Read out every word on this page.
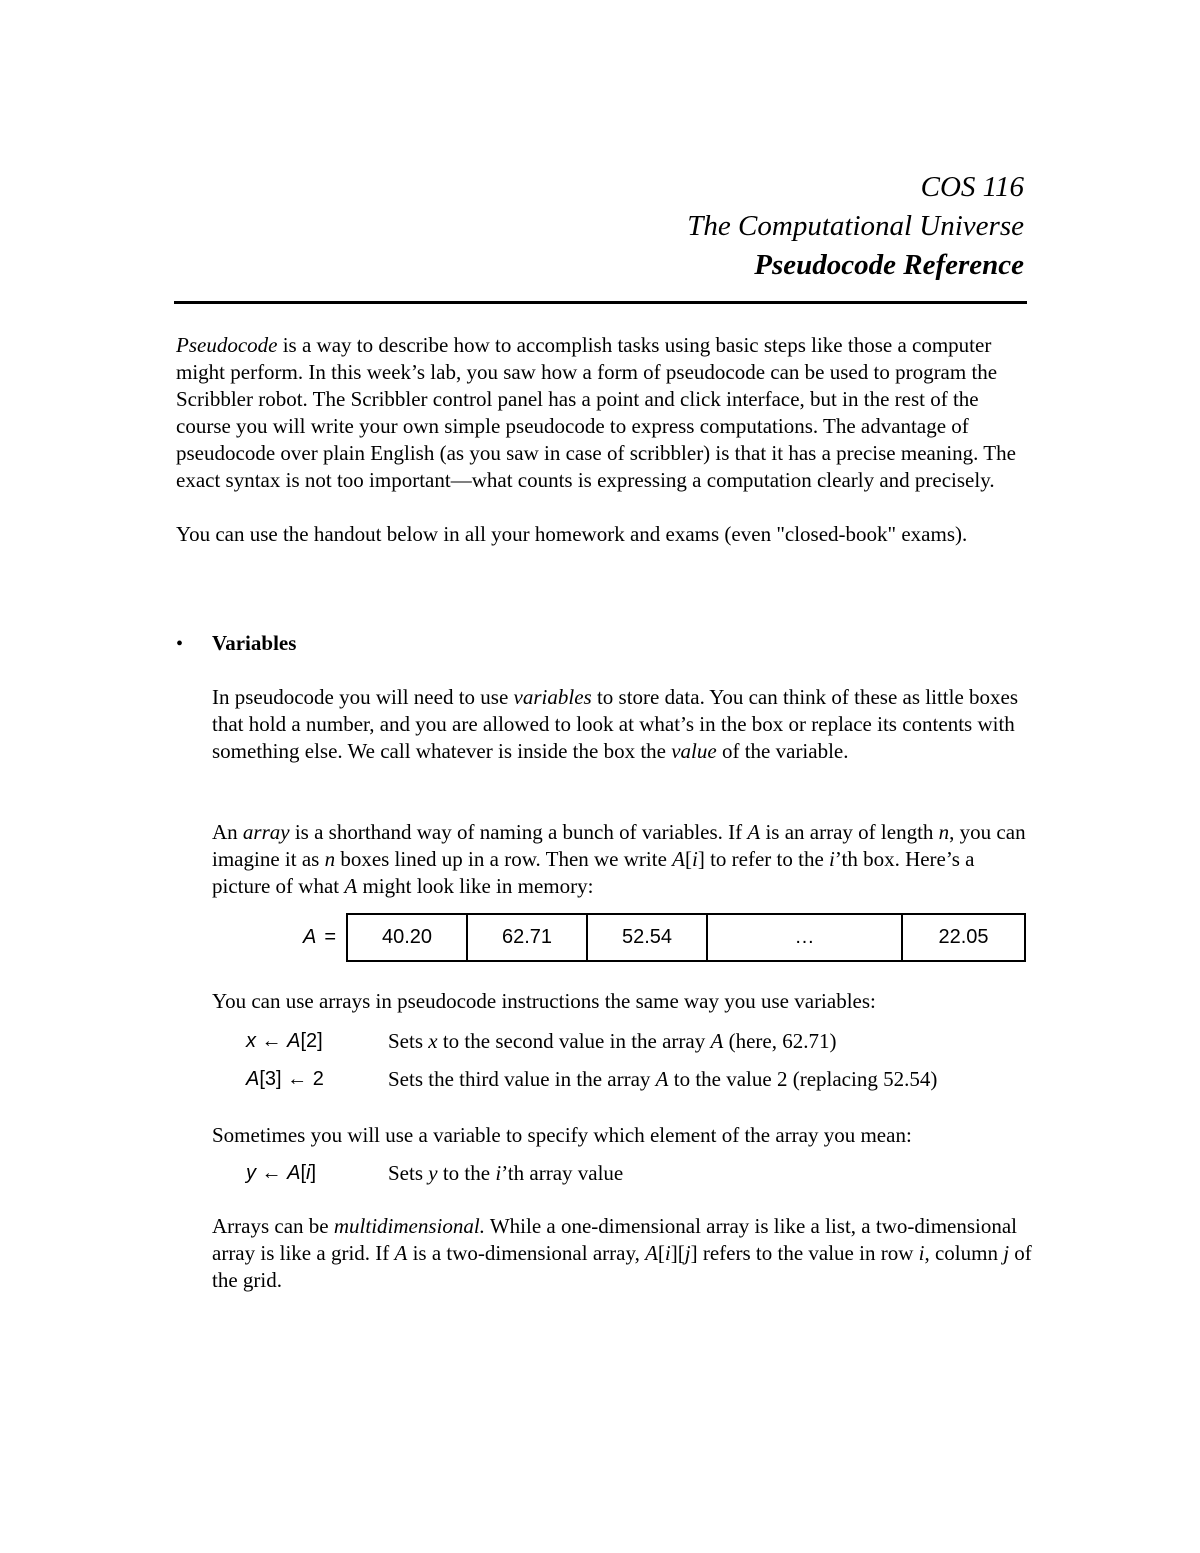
COS 116
The Computational Universe
Pseudocode Reference

Pseudocode is a way to describe how to accomplish tasks using basic steps like those a computer might perform. In this week’s lab, you saw how a form of pseudocode can be used to program the Scribbler robot. The Scribbler control panel has a point and click interface, but in the rest of the course you will write your own simple pseudocode to express computations. The advantage of pseudocode over plain English (as you saw in case of scribbler) is that it has a precise meaning. The exact syntax is not too important—what counts is expressing a computation clearly and precisely.

You can use the handout below in all your homework and exams (even "closed-book" exams).

•	Variables

In pseudocode you will need to use variables to store data. You can think of these as little boxes that hold a number, and you are allowed to look at what’s in the box or replace its contents with something else. We call whatever is inside the box the value of the variable.

An array is a shorthand way of naming a bunch of variables. If A is an array of length n, you can imagine it as n boxes lined up in a row. Then we write A[i] to refer to the i’th box. Here’s a picture of what A might look like in memory:

A =	40.20	62.71	52.54	…	22.05

You can use arrays in pseudocode instructions the same way you use variables:

x ← A[2]	Sets x to the second value in the array A (here, 62.71)
A[3] ← 2	Sets the third value in the array A to the value 2 (replacing 52.54)

Sometimes you will use a variable to specify which element of the array you mean:

y ← A[i]	Sets y to the i’th array value

Arrays can be multidimensional. While a one-dimensional array is like a list, a two-dimensional array is like a grid. If A is a two-dimensional array, A[i][j] refers to the value in row i, column j of the grid.
